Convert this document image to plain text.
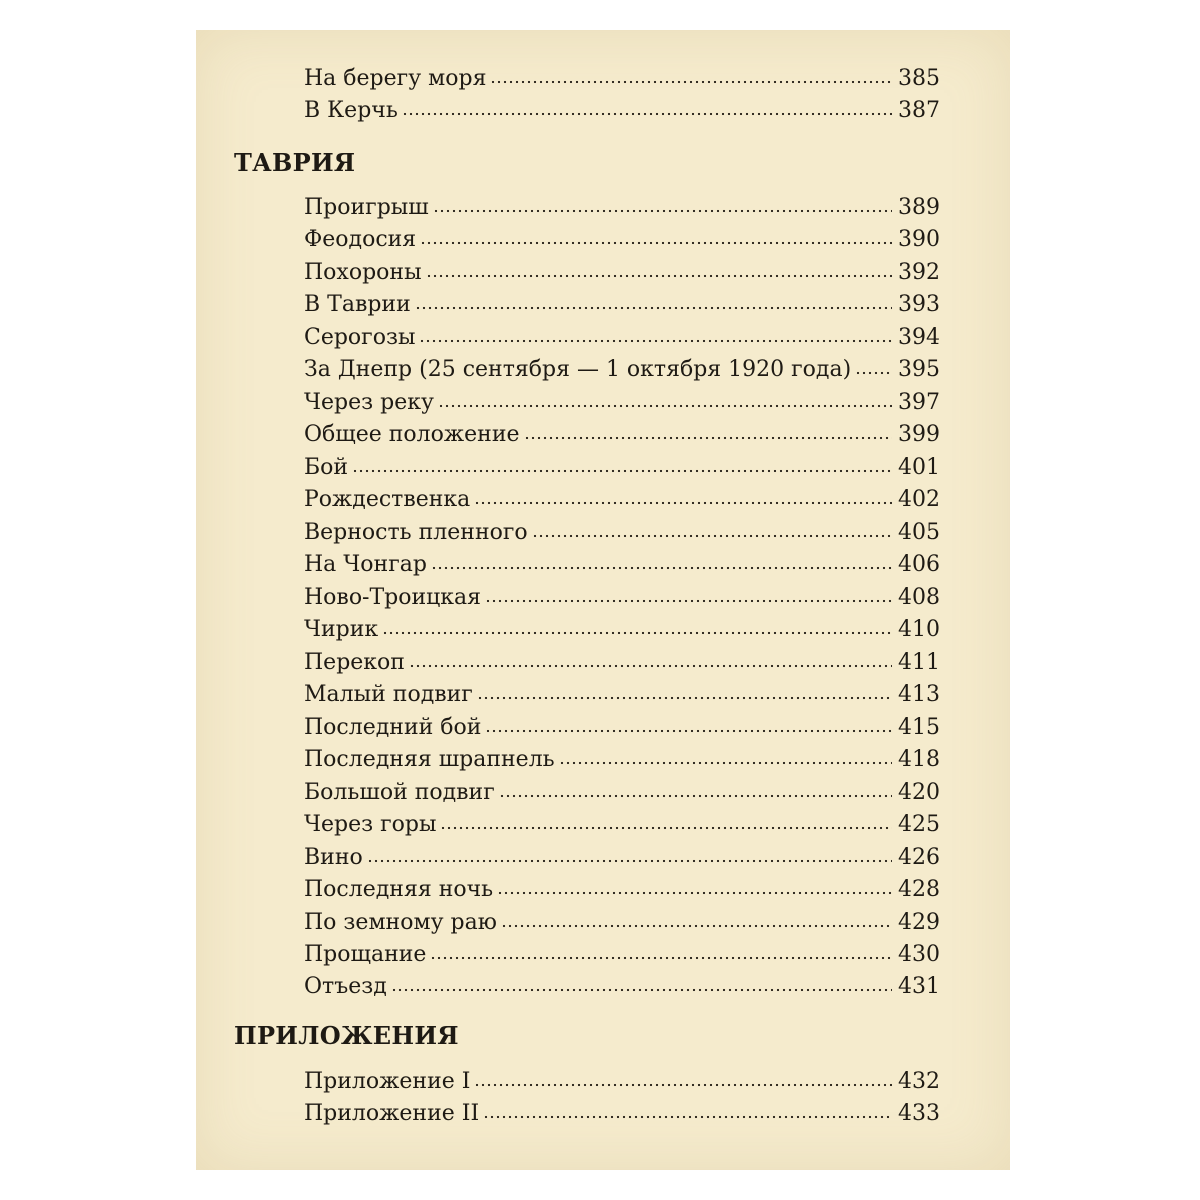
На берегу моря	385
В Керчь	387
ТАВРИЯ
Проигрыш	389
Феодосия	390
Похороны	392
В Таврии	393
Серогозы	394
За Днепр (25 сентября — 1 октября 1920 года) 395
Через реку	397
Общее положение	399
Бой	401
Рождественка	402
Верность пленного	405
На Чонгар	406
Ново-Троицкая	408
Чирик	410
Перекоп	411
Малый подвиг	413
Последний бой	415
Последняя шрапнель	418
Большой подвиг	420
Через горы	425
Вино	426
Последняя ночь	428
По земному раю	429
Прощание	430
Отъезд	431
ПРИЛОЖЕНИЯ
Приложение I	432
Приложение II	433
